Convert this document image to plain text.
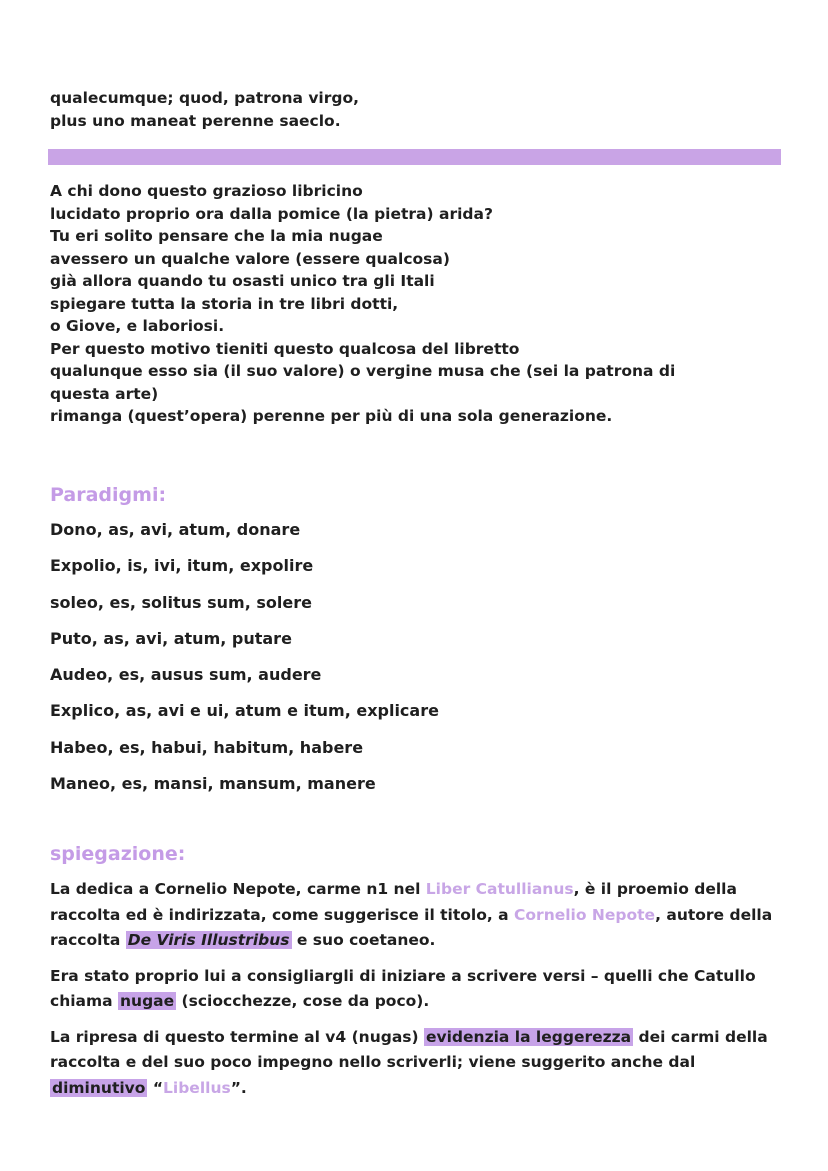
qualecumque; quod, patrona virgo,
plus uno maneat perenne saeclo.
A chi dono questo grazioso libricino
lucidato proprio ora dalla pomice (la pietra) arida?
Tu eri solito pensare che la mia nugae
avessero un qualche valore (essere qualcosa)
già allora quando tu osasti unico tra gli Itali
spiegare tutta la storia in tre libri dotti,
o Giove, e laboriosi.
Per questo motivo tieniti questo qualcosa del libretto
qualunque esso sia (il suo valore) o vergine musa che (sei la patrona di
questa arte)
rimanga (quest’opera) perenne per più di una sola generazione.
Paradigmi:
Dono, as, avi, atum, donare
Expolio, is, ivi, itum, expolire
soleo, es, solitus sum, solere
Puto, as, avi, atum, putare
Audeo, es, ausus sum, audere
Explico, as, avi e ui, atum e itum, explicare
Habeo, es, habui, habitum, habere
Maneo, es, mansi, mansum, manere
spiegazione:

La dedica a Cornelio Nepote, carme n1 nel Liber Catullianus, è il proemio della raccolta ed è indirizzata, come suggerisce il titolo, a Cornelio Nepote, autore della raccolta De Viris Illustribus e suo coetaneo.

Era stato proprio lui a consigliargli di iniziare a scrivere versi – quelli che Catullo chiama nugae (sciocchezze, cose da poco).

La ripresa di questo termine al v4 (nugas) evidenzia la leggerezza dei carmi della raccolta e del suo poco impegno nello scriverli; viene suggerito anche dal diminutivo “Libellus”.
